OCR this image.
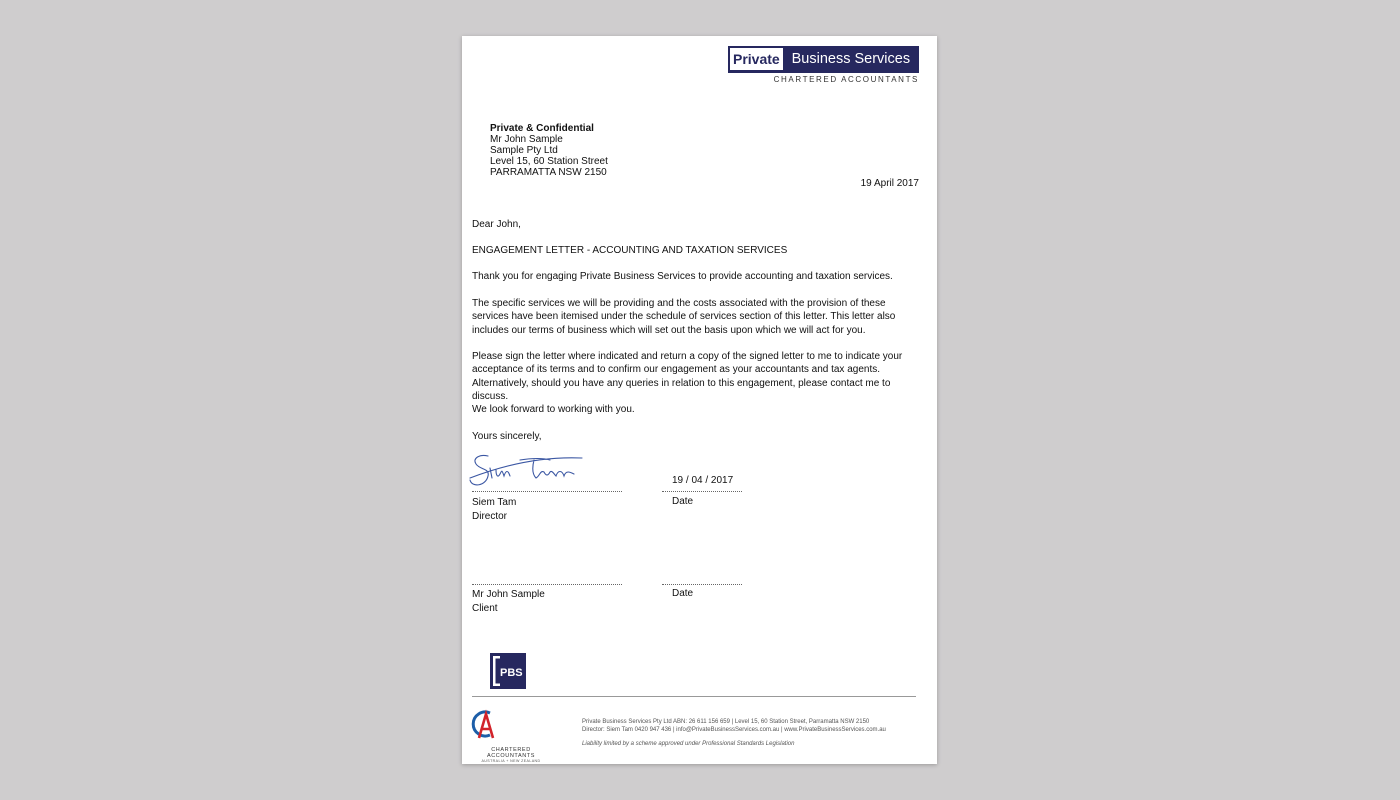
Private Business Services
CHARTERED ACCOUNTANTS
Private & Confidential
Mr John Sample
Sample Pty Ltd
Level 15, 60 Station Street
PARRAMATTA NSW 2150
19 April 2017
Dear John,
ENGAGEMENT LETTER - ACCOUNTING AND TAXATION SERVICES
Thank you for engaging Private Business Services to provide accounting and taxation services.
The specific services we will be providing and the costs associated with the provision of these services have been itemised under the schedule of services section of this letter. This letter also includes our terms of business which will set out the basis upon which we will act for you.
Please sign the letter where indicated and return a copy of the signed letter to me to indicate your acceptance of its terms and to confirm our engagement as your accountants and tax agents. Alternatively, should you have any queries in relation to this engagement, please contact me to discuss.
We look forward to working with you.
Yours sincerely,
19 / 04 / 2017
Siem Tam
Director
Date
Mr John Sample
Client
Date
PBS
CHARTERED ACCOUNTANTS
AUSTRALIA + NEW ZEALAND
Private Business Services Pty Ltd ABN: 26 611 156 659 | Level 15, 60 Station Street, Parramatta NSW 2150
Director: Siem Tam 0420 947 436 | info@PrivateBusinessServices.com.au | www.PrivateBusinessServices.com.au
Liability limited by a scheme approved under Professional Standards Legislation
